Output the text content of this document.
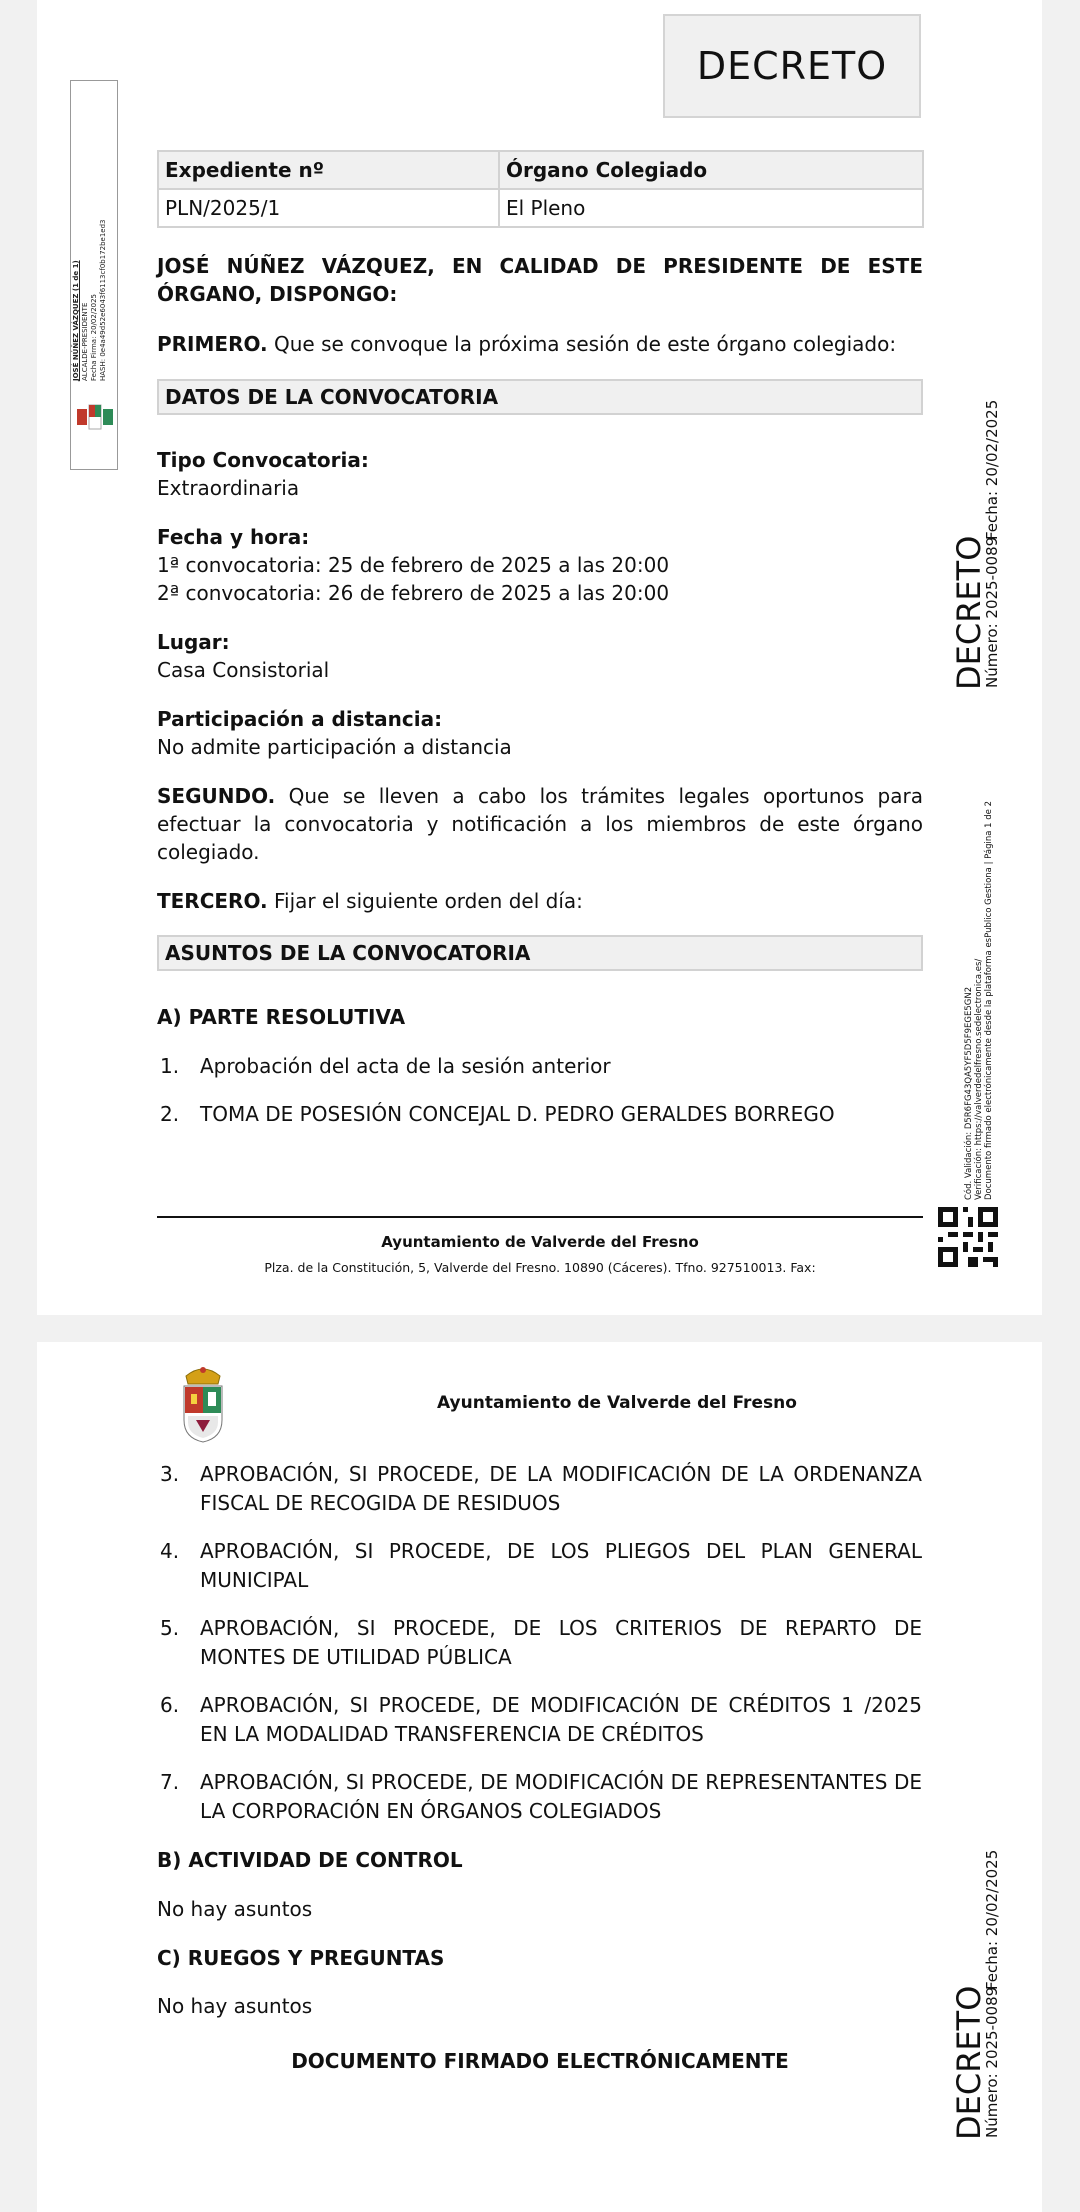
DECRETO
JOSÉ NÚÑEZ VÁZQUEZ (1 de 1) ALCALDE-PRESIDENTE Fecha Firma: 20/02/2025 HASH: 0e4a49d52e6043f6113cf0b172be1ed3
Expediente nº	Órgano Colegiado
PLN/2025/1	El Pleno
JOSÉ NÚÑEZ VÁZQUEZ, EN CALIDAD DE PRESIDENTE DE ESTE ÓRGANO, DISPONGO:
PRIMERO. Que se convoque la próxima sesión de este órgano colegiado:
DATOS DE LA CONVOCATORIA
Tipo Convocatoria:
Extraordinaria
Fecha y hora:
1ª convocatoria: 25 de febrero de 2025 a las 20:00
2ª convocatoria: 26 de febrero de 2025 a las 20:00
Lugar:
Casa Consistorial
Participación a distancia:
No admite participación a distancia
SEGUNDO. Que se lleven a cabo los trámites legales oportunos para efectuar la convocatoria y notificación a los miembros de este órgano colegiado.
TERCERO. Fijar el siguiente orden del día:
ASUNTOS DE LA CONVOCATORIA
A) PARTE RESOLUTIVA
1. Aprobación del acta de la sesión anterior
2. TOMA DE POSESIÓN CONCEJAL D. PEDRO GERALDES BORREGO
Ayuntamiento de Valverde del Fresno
Plza. de la Constitución, 5, Valverde del Fresno. 10890 (Cáceres). Tfno. 927510013. Fax:
DECRETO
Número: 2025-0089
Fecha: 20/02/2025
Cód. Validación: D5R6FG43QA5YF5D5F9EGE5GN2 Verificación: https://valverdedelfresno.sedelectronica.es/ Documento firmado electrónicamente desde la plataforma esPublico Gestiona | Página 1 de 2
Ayuntamiento de Valverde del Fresno
3. APROBACIÓN, SI PROCEDE, DE LA MODIFICACIÓN DE LA ORDENANZA FISCAL DE RECOGIDA DE RESIDUOS
4. APROBACIÓN, SI PROCEDE, DE LOS PLIEGOS DEL PLAN GENERAL MUNICIPAL
5. APROBACIÓN, SI PROCEDE, DE LOS CRITERIOS DE REPARTO DE MONTES DE UTILIDAD PÚBLICA
6. APROBACIÓN, SI PROCEDE, DE MODIFICACIÓN DE CRÉDITOS 1 /2025 EN LA MODALIDAD TRANSFERENCIA DE CRÉDITOS
7. APROBACIÓN, SI PROCEDE, DE MODIFICACIÓN DE REPRESENTANTES DE LA CORPORACIÓN EN ÓRGANOS COLEGIADOS
B) ACTIVIDAD DE CONTROL
No hay asuntos
C) RUEGOS Y PREGUNTAS
No hay asuntos
DOCUMENTO FIRMADO ELECTRÓNICAMENTE	DECRETO
Número: 2025-0089
Fecha: 20/02/2025
